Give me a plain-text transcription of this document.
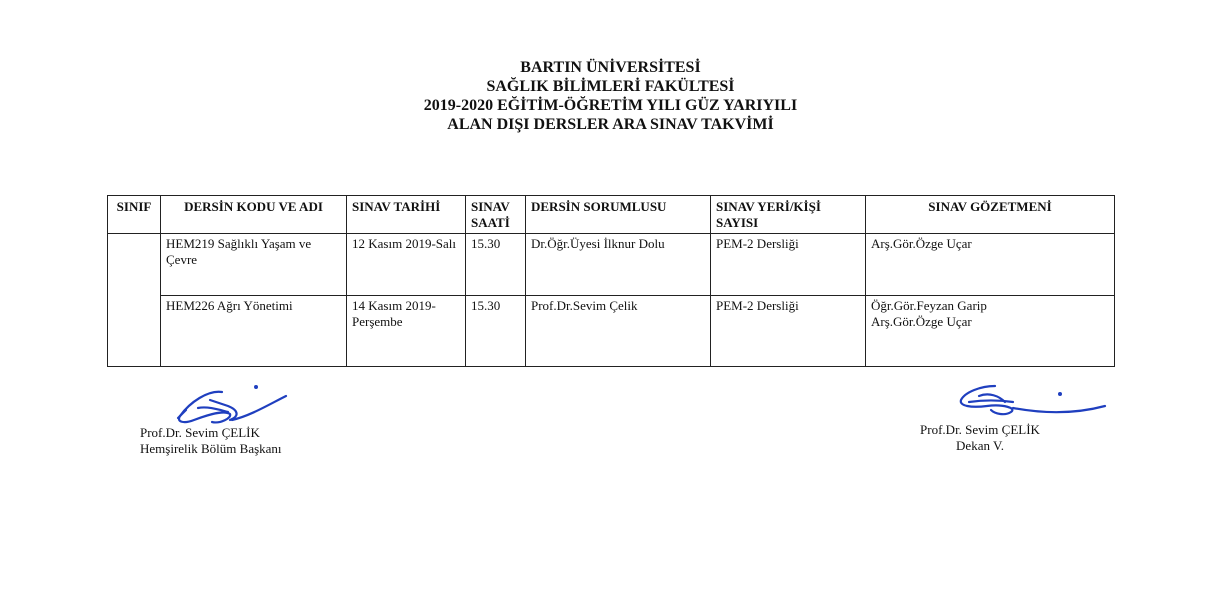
BARTIN ÜNİVERSİTESİ
SAĞLIK BİLİMLERİ FAKÜLTESİ
2019-2020 EĞİTİM-ÖĞRETİM YILI GÜZ YARIYILI
ALAN DIŞI DERSLER ARA SINAV TAKVİMİ
SINIF	DERSİN KODU VE ADI	SINAV TARİHİ	SINAV SAATİ	DERSİN SORUMLUSU	SINAV YERİ/KİŞİ SAYISI	SINAV GÖZETMENİ
	HEM219 Sağlıklı Yaşam ve Çevre	12 Kasım 2019-Salı	15.30	Dr.Öğr.Üyesi İlknur Dolu	PEM-2 Dersliği	Arş.Gör.Özge Uçar

	HEM226 Ağrı Yönetimi	14 Kasım 2019-Perşembe	15.30	Prof.Dr.Sevim Çelik	PEM-2 Dersliği	Öğr.Gör.Feyzan Garip
Arş.Gör.Özge Uçar
Prof.Dr. Sevim ÇELİK
Hemşirelik Bölüm Başkanı
Prof.Dr. Sevim ÇELİK
Dekan V.
